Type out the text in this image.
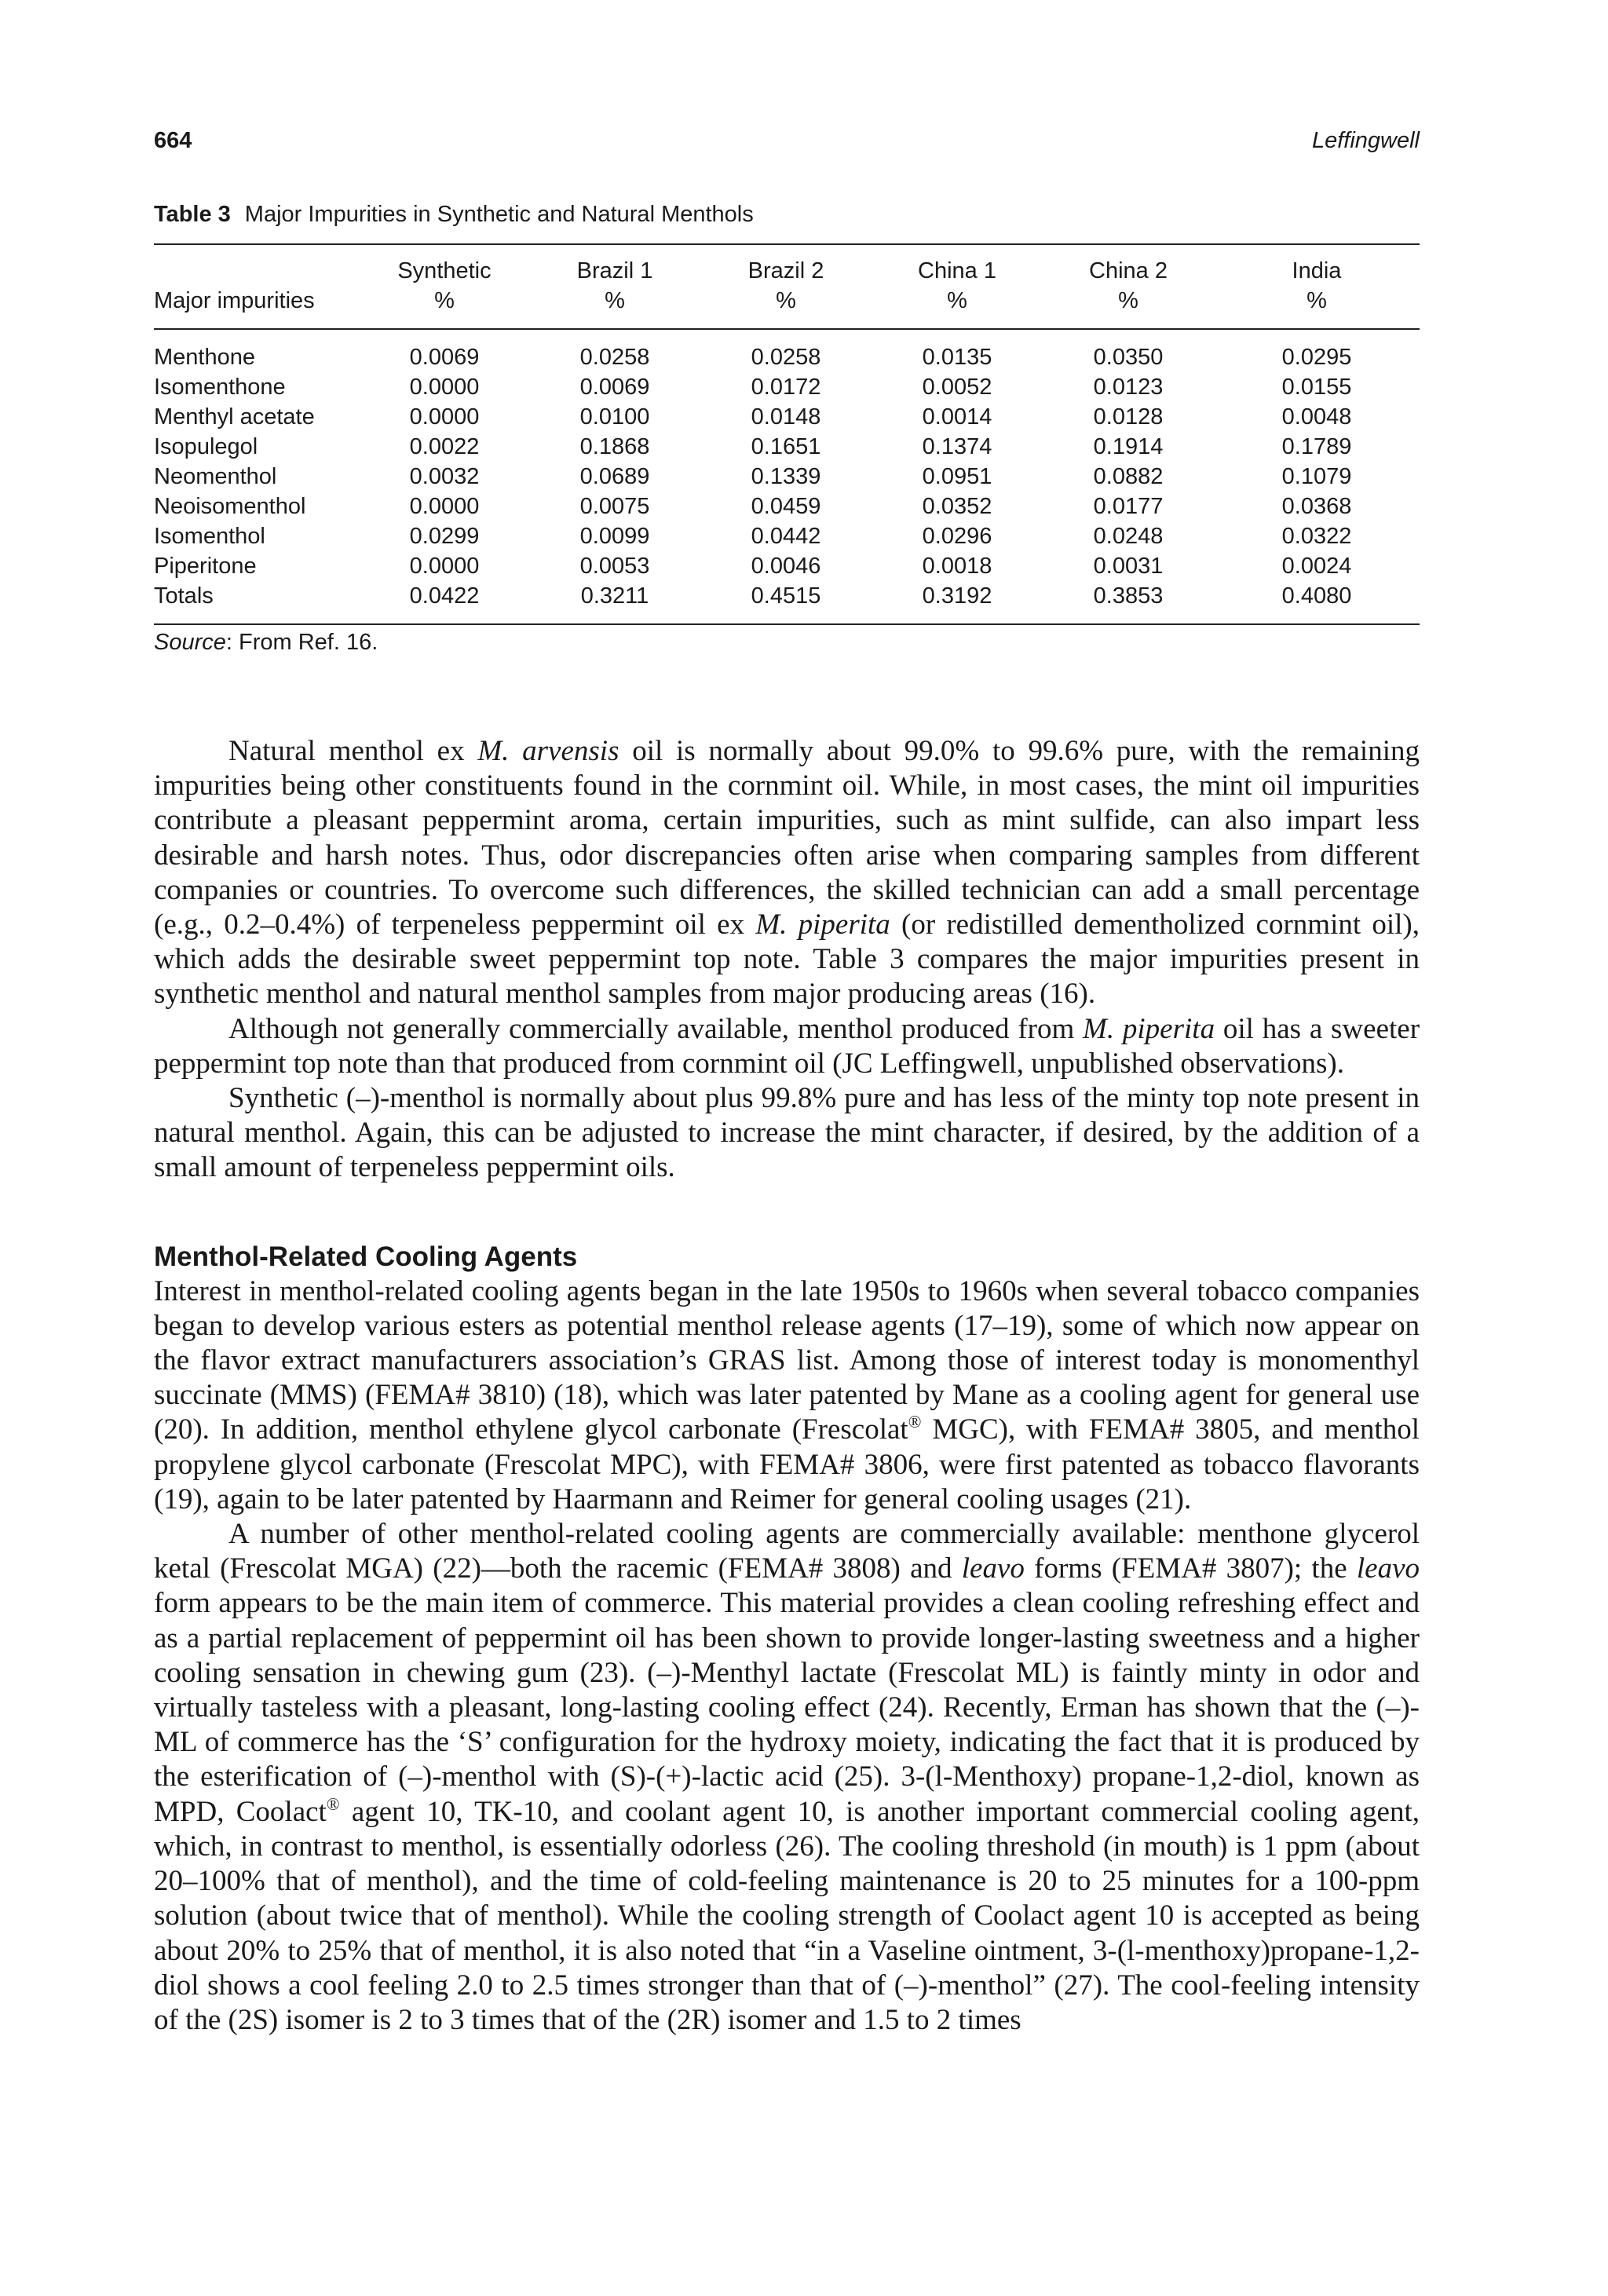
664	Leffingwell
Table 3 Major Impurities in Synthetic and Natural Menthols
	Synthetic	Brazil 1	Brazil 2	China 1	China 2	India
Major impurities	%	%	%	%	%	%
Menthone	0.0069	0.0258	0.0258	0.0135	0.0350	0.0295
Isomenthone	0.0000	0.0069	0.0172	0.0052	0.0123	0.0155
Menthyl acetate	0.0000	0.0100	0.0148	0.0014	0.0128	0.0048
Isopulegol	0.0022	0.1868	0.1651	0.1374	0.1914	0.1789
Neomenthol	0.0032	0.0689	0.1339	0.0951	0.0882	0.1079
Neoisomenthol	0.0000	0.0075	0.0459	0.0352	0.0177	0.0368
Isomenthol	0.0299	0.0099	0.0442	0.0296	0.0248	0.0322
Piperitone	0.0000	0.0053	0.0046	0.0018	0.0031	0.0024
Totals	0.0422	0.3211	0.4515	0.3192	0.3853	0.4080
Source: From Ref. 16.

Natural menthol ex M. arvensis oil is normally about 99.0% to 99.6% pure, with the remaining impurities being other constituents found in the cornmint oil. While, in most cases, the mint oil impurities contribute a pleasant peppermint aroma, certain impurities, such as mint sulfide, can also impart less desirable and harsh notes. Thus, odor discrepancies often arise when comparing samples from different companies or countries. To overcome such differences, the skilled technician can add a small percentage (e.g., 0.2–0.4%) of terpeneless peppermint oil ex M. piperita (or redistilled dementholized cornmint oil), which adds the desirable sweet peppermint top note. Table 3 compares the major impurities present in synthetic menthol and natural menthol samples from major producing areas (16).

Although not generally commercially available, menthol produced from M. piperita oil has a sweeter peppermint top note than that produced from cornmint oil (JC Leffingwell, unpublished observations).

Synthetic (–)-menthol is normally about plus 99.8% pure and has less of the minty top note present in natural menthol. Again, this can be adjusted to increase the mint character, if desired, by the addition of a small amount of terpeneless peppermint oils.

Menthol-Related Cooling Agents

Interest in menthol-related cooling agents began in the late 1950s to 1960s when several tobacco companies began to develop various esters as potential menthol release agents (17–19), some of which now appear on the flavor extract manufacturers association’s GRAS list. Among those of interest today is monomenthyl succinate (MMS) (FEMA# 3810) (18), which was later patented by Mane as a cooling agent for general use (20). In addition, menthol ethylene glycol carbonate (Frescolat® MGC), with FEMA# 3805, and menthol propylene glycol carbonate (Frescolat MPC), with FEMA# 3806, were first patented as tobacco flavorants (19), again to be later patented by Haarmann and Reimer for general cooling usages (21).

A number of other menthol-related cooling agents are commercially available: menthone glycerol ketal (Frescolat MGA) (22)—both the racemic (FEMA# 3808) and leavo forms (FEMA# 3807); the leavo form appears to be the main item of commerce. This material provides a clean cooling refreshing effect and as a partial replacement of peppermint oil has been shown to provide longer-lasting sweetness and a higher cooling sensation in chewing gum (23). (–)-Menthyl lactate (Frescolat ML) is faintly minty in odor and virtually tasteless with a pleasant, long-lasting cooling effect (24). Recently, Erman has shown that the (–)-ML of commerce has the ‘S’ configuration for the hydroxy moiety, indicating the fact that it is produced by the esterification of (–)-menthol with (S)-(+)-lactic acid (25). 3-(l-Menthoxy) propane-1,2-diol, known as MPD, Coolact® agent 10, TK-10, and coolant agent 10, is another important commercial cooling agent, which, in contrast to menthol, is essentially odorless (26). The cooling threshold (in mouth) is 1 ppm (about 20–100% that of menthol), and the time of cold-feeling maintenance is 20 to 25 minutes for a 100-ppm solution (about twice that of menthol). While the cooling strength of Coolact agent 10 is accepted as being about 20% to 25% that of menthol, it is also noted that “in a Vaseline ointment, 3-(l-menthoxy)propane-1,2-diol shows a cool feeling 2.0 to 2.5 times stronger than that of (–)-menthol” (27). The cool-feeling intensity of the (2S) isomer is 2 to 3 times that of the (2R) isomer and 1.5 to 2 times
